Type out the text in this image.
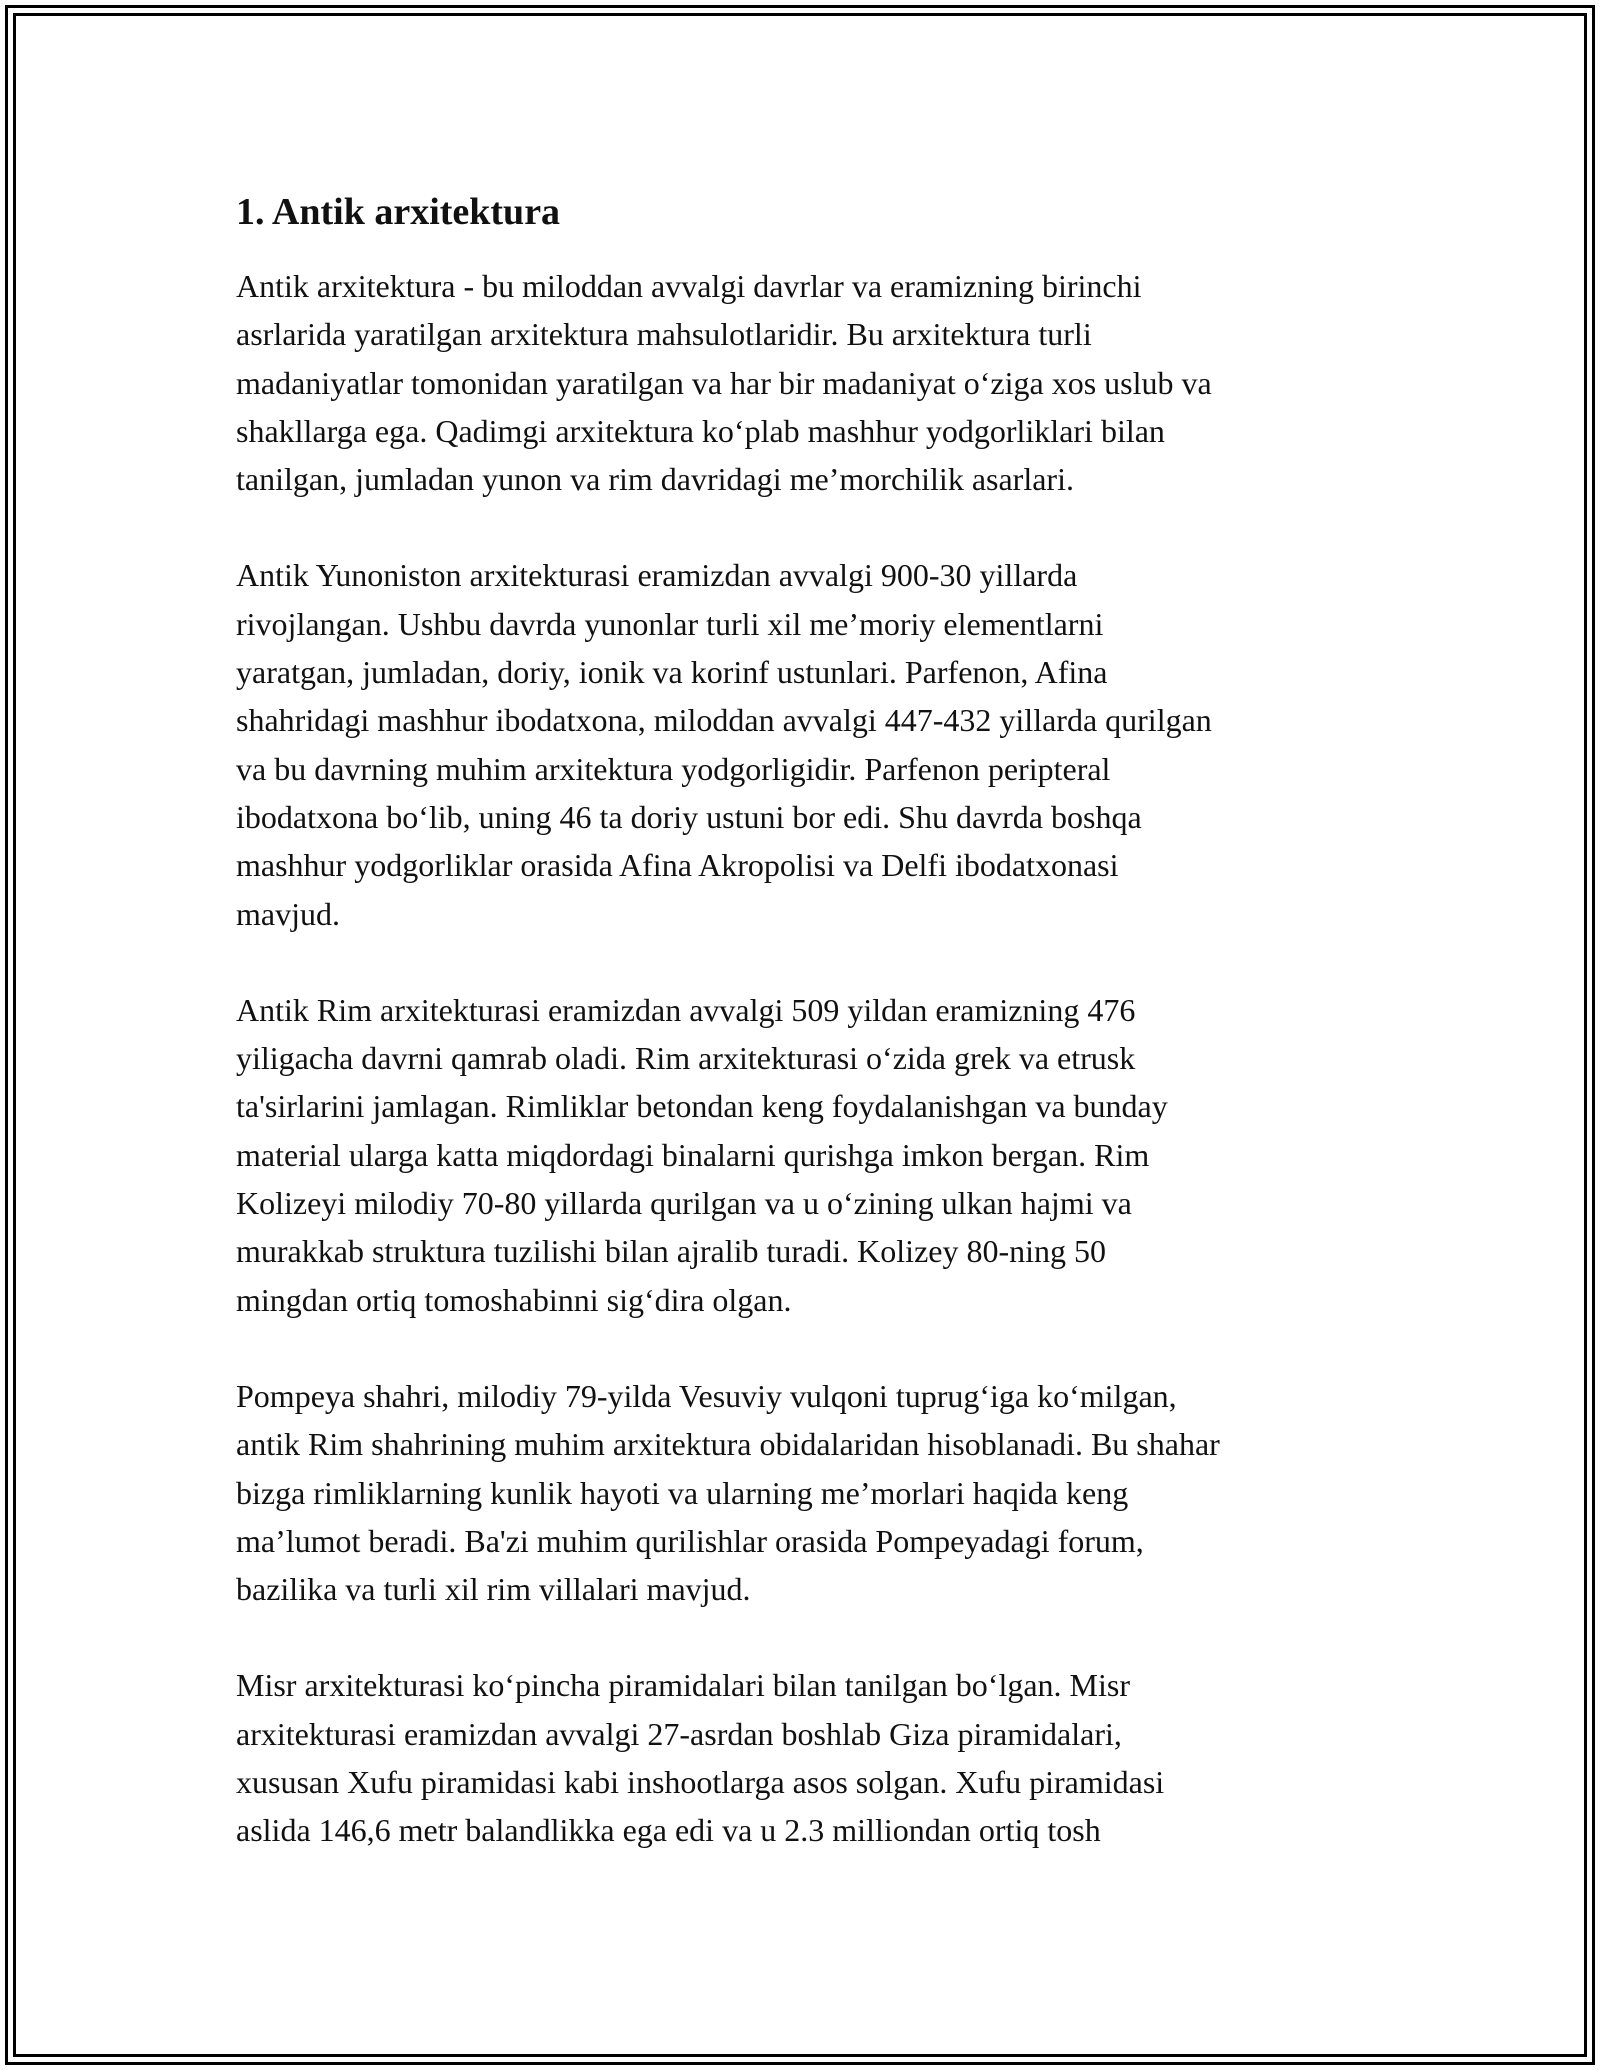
1. Antik arxitektura

Antik arxitektura - bu miloddan avvalgi davrlar va eramizning birinchi
asrlarida yaratilgan arxitektura mahsulotlaridir. Bu arxitektura turli
madaniyatlar tomonidan yaratilgan va har bir madaniyat o‘ziga xos uslub va
shakllarga ega. Qadimgi arxitektura ko‘plab mashhur yodgorliklari bilan
tanilgan, jumladan yunon va rim davridagi me’morchilik asarlari.

Antik Yunoniston arxitekturasi eramizdan avvalgi 900-30 yillarda
rivojlangan. Ushbu davrda yunonlar turli xil me’moriy elementlarni
yaratgan, jumladan, doriy, ionik va korinf ustunlari. Parfenon, Afina
shahridagi mashhur ibodatxona, miloddan avvalgi 447-432 yillarda qurilgan
va bu davrning muhim arxitektura yodgorligidir. Parfenon peripteral
ibodatxona bo‘lib, uning 46 ta doriy ustuni bor edi. Shu davrda boshqa
mashhur yodgorliklar orasida Afina Akropolisi va Delfi ibodatxonasi
mavjud.

Antik Rim arxitekturasi eramizdan avvalgi 509 yildan eramizning 476
yiligacha davrni qamrab oladi. Rim arxitekturasi o‘zida grek va etrusk
ta'sirlarini jamlagan. Rimliklar betondan keng foydalanishgan va bunday
material ularga katta miqdordagi binalarni qurishga imkon bergan. Rim
Kolizeyi milodiy 70-80 yillarda qurilgan va u o‘zining ulkan hajmi va
murakkab struktura tuzilishi bilan ajralib turadi. Kolizey 80-ning 50
mingdan ortiq tomoshabinni sig‘dira olgan.

Pompeya shahri, milodiy 79-yilda Vesuviy vulqoni tuprug‘iga ko‘milgan,
antik Rim shahrining muhim arxitektura obidalaridan hisoblanadi. Bu shahar
bizga rimliklarning kunlik hayoti va ularning me’morlari haqida keng
ma’lumot beradi. Ba'zi muhim qurilishlar orasida Pompeyadagi forum,
bazilika va turli xil rim villalari mavjud.

Misr arxitekturasi ko‘pincha piramidalari bilan tanilgan bo‘lgan. Misr
arxitekturasi eramizdan avvalgi 27-asrdan boshlab Giza piramidalari,
xususan Xufu piramidasi kabi inshootlarga asos solgan. Xufu piramidasi
aslida 146,6 metr balandlikka ega edi va u 2.3 milliondan ortiq tosh
